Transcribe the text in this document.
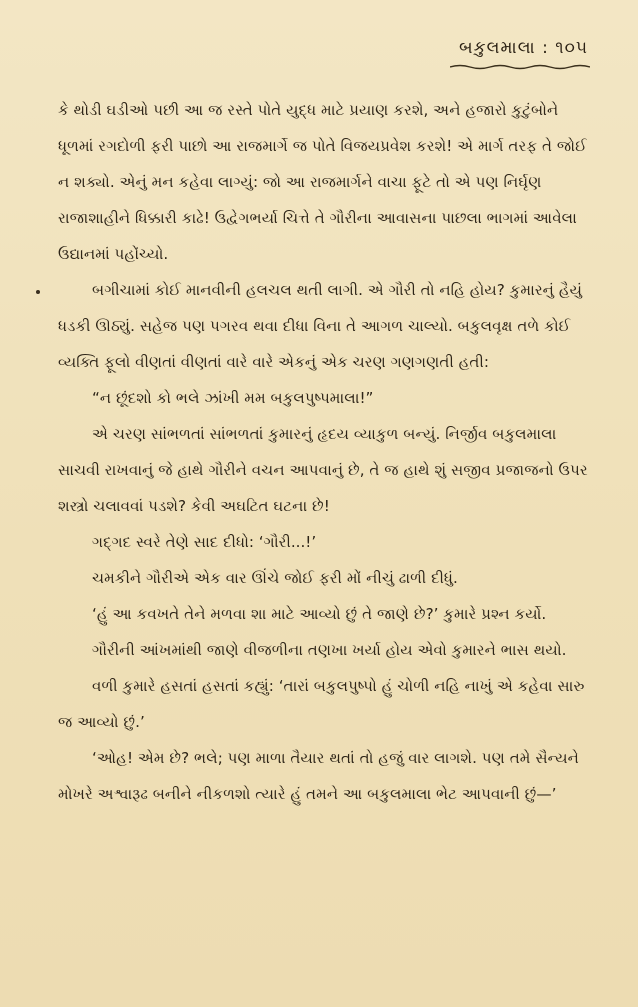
બકુલમાલા : ૧૦૫

કે થોડી ઘડીઓ પછી આ જ રસ્તે પોતે યુદ્ધ માટે પ્રયાણ કરશે, અને હજારો કુટુંબોને ધૂળમાં રગદોળી ફરી પાછો આ રાજમાર્ગે જ પોતે વિજયપ્રવેશ કરશે! એ માર્ગ તરફ તે જોઈ ન શક્યો. એનું મન કહેવા લાગ્યું: જો આ રાજમાર્ગને વાચા ફૂટે તો એ પણ નિર્ઘૃણ રાજાશાહીને ધિક્કારી કાઢે! ઉદ્વેગભર્યા ચિત્તે તે ગૌરીના આવાસના પાછલા ભાગમાં આવેલા ઉદ્યાનમાં પહોંચ્યો.

બગીચામાં કોઈ માનવીની હલચલ થતી લાગી. એ ગૌરી તો નહિ હોય? કુમારનું હૈયું ધડકી ઊઠ્યું. સહેજ પણ પગરવ થવા દીધા વિના તે આગળ ચાલ્યો. બકુલવૃક્ષ તળે કોઈ વ્યક્તિ ફૂલો વીણતાં વીણતાં વારે વારે એકનું એક ચરણ ગણગણતી હતી:

“ન છૂંદશો કો ભલે ઝાંખી મમ બકુલપુષ્પમાલા!”

એ ચરણ સાંભળતાં સાંભળતાં કુમારનું હૃદય વ્યાકુળ બન્યું. નિર્જીવ બકુલમાલા સાચવી રાખવાનું જે હાથે ગૌરીને વચન આપવાનું છે, તે જ હાથે શું સજીવ પ્રજાજનો ઉપર શસ્ત્રો ચલાવવાં પડશે? કેવી અઘટિત ઘટના છે!

ગદ્ગદ સ્વરે તેણે સાદ દીધો: ‘ગૌરી...!’

ચમકીને ગૌરીએ એક વાર ઊંચે જોઈ ફરી મોં નીચું ઢાળી દીધું.

‘હું આ કવખતે તેને મળવા શા માટે આવ્યો છું તે જાણે છે?’ કુમારે પ્રશ્ન કર્યો.

ગૌરીની આંખમાંથી જાણે વીજળીના તણખા ખર્યા હોય એવો કુમારને ભાસ થયો.

વળી કુમારે હસતાં હસતાં કહ્યું: ‘તારાં બકુલપુષ્પો હું ચોળી નહિ નાખું એ કહેવા સારુ જ આવ્યો છું.’

‘ઓહ! એમ છે? ભલે; પણ માળા તૈયાર થતાં તો હજું વાર લાગશે. પણ તમે સૈન્યને મોખરે અશ્વારૂઢ બનીને નીકળશો ત્યારે હું તમને આ બકુલમાલા ભેટ આપવાની છું—’
